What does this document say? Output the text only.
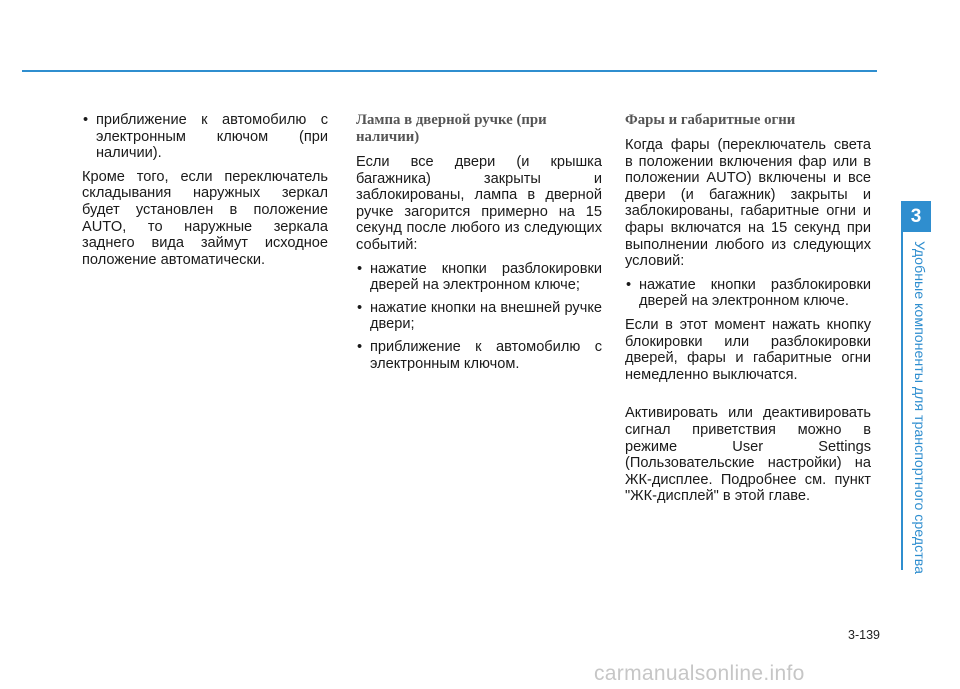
• приближение к автомобилю с электронным ключом (при наличии).

Кроме того, если переключатель складывания наружных зеркал будет установлен в положение AUTO, то наружные зеркала заднего вида займут исходное положение автоматически.

Лампа в дверной ручке (при наличии)

Если все двери (и крышка багажника) закрыты и заблокированы, лампа в дверной ручке загорится примерно на 15 секунд после любого из следующих событий:

• нажатие кнопки разблокировки дверей на электронном ключе;
• нажатие кнопки на внешней ручке двери;
• приближение к автомобилю с электронным ключом.
Фары и габаритные огни

Когда фары (переключатель света в положении включения фар или в положении AUTO) включены и все двери (и багажник) закрыты и заблокированы, габаритные огни и фары включатся на 15 секунд при выполнении любого из следующих условий:

• нажатие кнопки разблокировки дверей на электронном ключе.

Если в этот момент нажать кнопку блокировки или разблокировки дверей, фары и габаритные огни немедленно выключатся.

Активировать или деактивировать сигнал приветствия можно в режиме User Settings (Пользовательские настройки) на ЖК-дисплее. Подробнее см. пункт "ЖК-дисплей" в этой главе.

3
Удобные компоненты для транспортного средства
3-139
carmanualsonline.info
